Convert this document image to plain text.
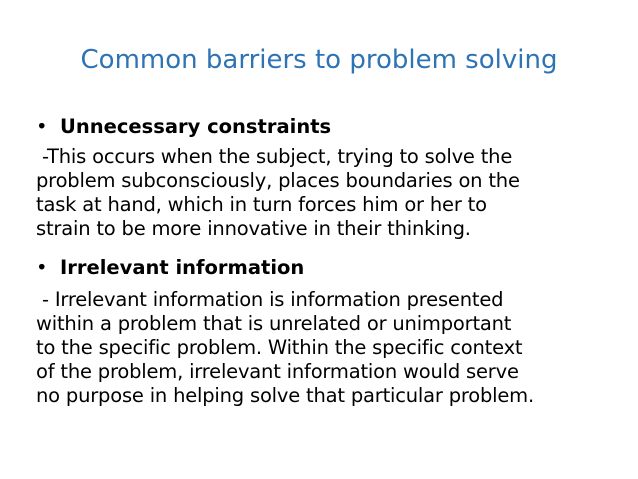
Common barriers to problem solving
• Unnecessary constraints
-This occurs when the subject, trying to solve the
problem subconsciously, places boundaries on the
task at hand, which in turn forces him or her to
strain to be more innovative in their thinking.
• Irrelevant information
- Irrelevant information is information presented
within a problem that is unrelated or unimportant
to the specific problem. Within the specific context
of the problem, irrelevant information would serve
no purpose in helping solve that particular problem.
